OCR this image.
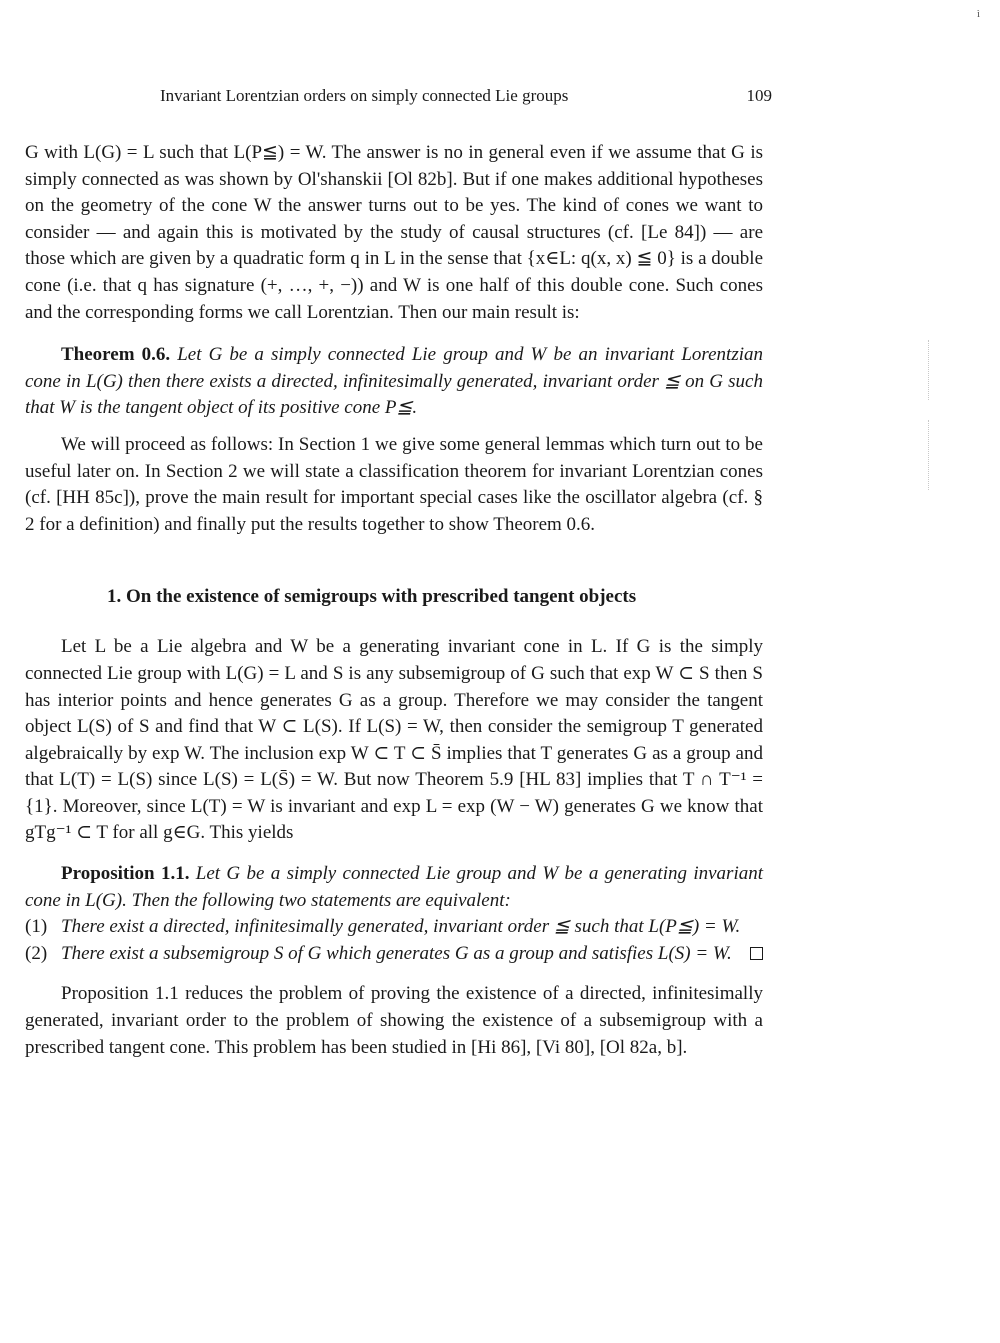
ì
Invariant Lorentzian orders on simply connected Lie groups	109

G with L(G) = L such that L(P≦) = W. The answer is no in general even if we assume that G is simply connected as was shown by Ol'shanskii [Ol 82b]. But if one makes additional hypotheses on the geometry of the cone W the answer turns out to be yes. The kind of cones we want to consider — and again this is motivated by the study of causal structures (cf. [Le 84]) — are those which are given by a quadratic form q in L in the sense that {x∈L: q(x, x) ≦ 0} is a double cone (i.e. that q has signature (+, …, +, −)) and W is one half of this double cone. Such cones and the corresponding forms we call Lorentzian. Then our main result is:

Theorem 0.6. Let G be a simply connected Lie group and W be an invariant Lorentzian cone in L(G) then there exists a directed, infinitesimally generated, invariant order ≦ on G such that W is the tangent object of its positive cone P≦.

We will proceed as follows: In Section 1 we give some general lemmas which turn out to be useful later on. In Section 2 we will state a classification theorem for invariant Lorentzian cones (cf. [HH 85c]), prove the main result for important special cases like the oscillator algebra (cf. § 2 for a definition) and finally put the results together to show Theorem 0.6.

1. On the existence of semigroups with prescribed tangent objects

Let L be a Lie algebra and W be a generating invariant cone in L. If G is the simply connected Lie group with L(G) = L and S is any subsemigroup of G such that exp W ⊂ S then S has interior points and hence generates G as a group. Therefore we may consider the tangent object L(S) of S and find that W ⊂ L(S). If L(S) = W, then consider the semigroup T generated algebraically by exp W. The inclusion exp W ⊂ T ⊂ S̄ implies that T generates G as a group and that L(T) = L(S) since L(S) = L(S̄) = W. But now Theorem 5.9 [HL 83] implies that T ∩ T⁻¹ = {1}. Moreover, since L(T) = W is invariant and exp L = exp (W − W) generates G we know that gTg⁻¹ ⊂ T for all g∈G. This yields

Proposition 1.1. Let G be a simply connected Lie group and W be a generating invariant cone in L(G). Then the following two statements are equivalent:

(1) There exist a directed, infinitesimally generated, invariant order ≦ such that L(P≦) = W.
(2) There exist a subsemigroup S of G which generates G as a group and satisfies L(S) = W.

Proposition 1.1 reduces the problem of proving the existence of a directed, infinitesimally generated, invariant order to the problem of showing the existence of a subsemigroup with a prescribed tangent cone. This problem has been studied in [Hi 86], [Vi 80], [Ol 82a, b].
